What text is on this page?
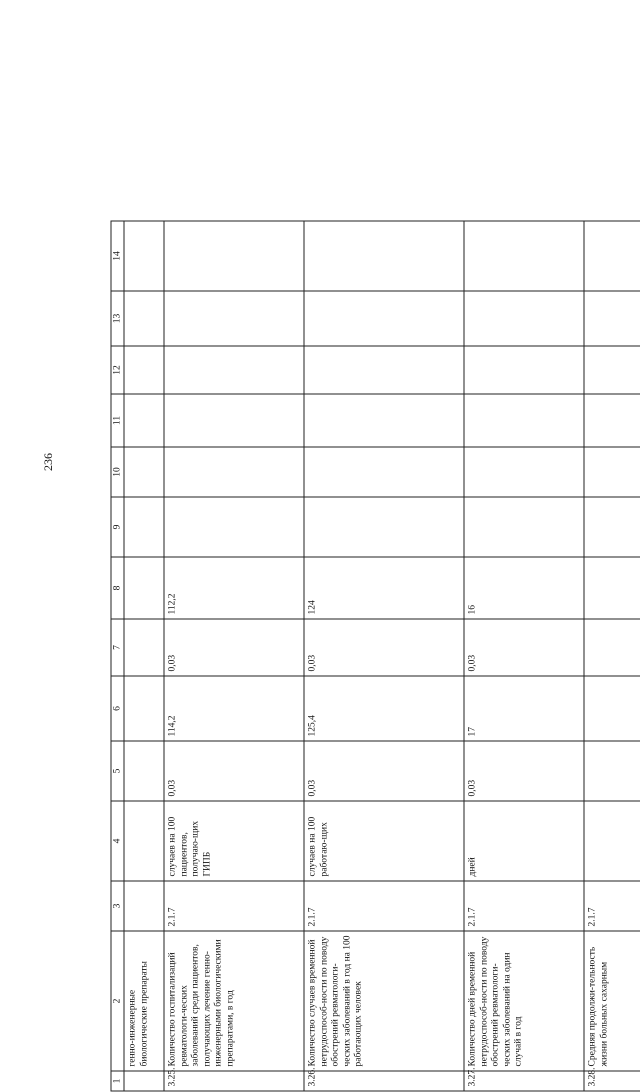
236
1	2	3	4	5	6	7	8	9	10	11	12	13	14
	генно-инженерные биологические препараты												
3.25.	Количество госпитализаций ревматологи-ческих заболеваний среди пациентов, получающих лечение генно-инженерными биологическими препаратами, в год	2.1.7	случаев на 100 пациентов, получаю-щих ГИПБ	0,03	114,2	0,03	112,2						
3.26.	Количество случаев временной нетрудоспособ-ности по поводу обострений ревматологи-ческих заболеваний в год на 100 работающих человек	2.1.7	случаев на 100 работаю-щих	0,03	125,4	0,03	124						
3.27.	Количество дней временной нетрудоспособ-ности по поводу обострений ревматологи-ческих заболеваний на один случай в год	2.1.7	дней	0,03	17	0,03	16						
3.28.	Средняя продолжи-тельность жизни больных сахарным	2.1.7											
